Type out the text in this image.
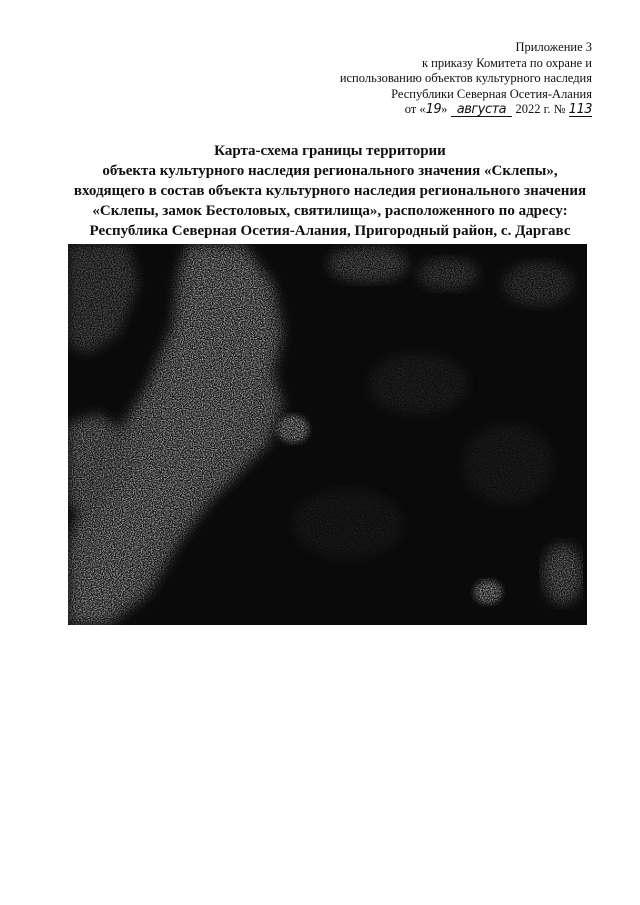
Приложение 3
к приказу Комитета по охране и
использованию объектов культурного наследия
Республики Северная Осетия-Алания
от «19» августа 2022 г. № 113
Карта-схема границы территории
объекта культурного наследия регионального значения «Склепы»,
входящего в состав объекта культурного наследия регионального значения
«Склепы, замок Бестоловых, святилища», расположенного по адресу:
Республика Северная Осетия-Алания, Пригородный район, с. Даргавс
